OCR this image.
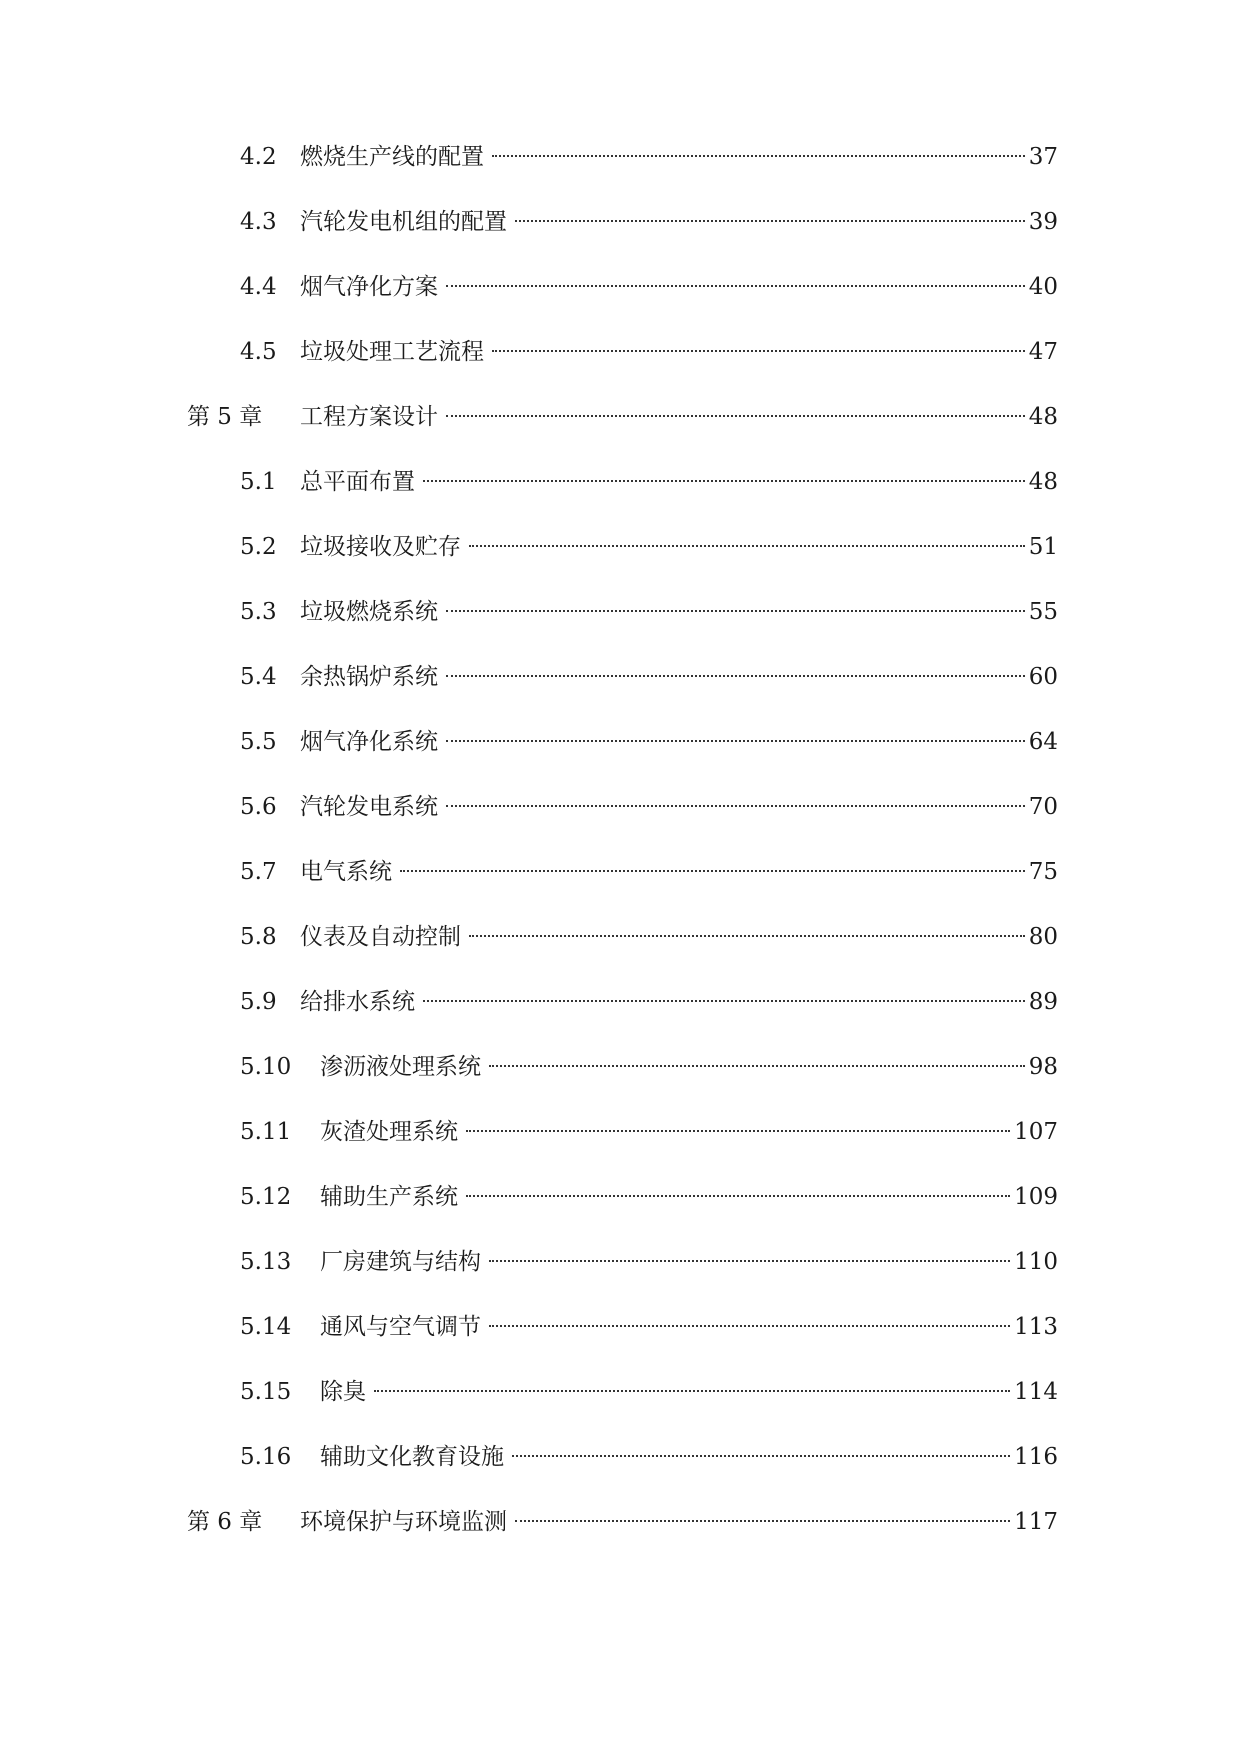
4.2	燃烧生产线的配置	37
4.3	汽轮发电机组的配置	39
4.4	烟气净化方案	40
4.5	垃圾处理工艺流程	47
第 5 章	工程方案设计	48
5.1	总平面布置	48
5.2	垃圾接收及贮存	51
5.3	垃圾燃烧系统	55
5.4	余热锅炉系统	60
5.5	烟气净化系统	64
5.6	汽轮发电系统	70
5.7	电气系统	75
5.8	仪表及自动控制	80
5.9	给排水系统	89
5.10	渗沥液处理系统	98
5.11	灰渣处理系统	107
5.12	辅助生产系统	109
5.13	厂房建筑与结构	110
5.14	通风与空气调节	113
5.15	除臭	114
5.16	辅助文化教育设施	116
第 6 章	环境保护与环境监测	117
